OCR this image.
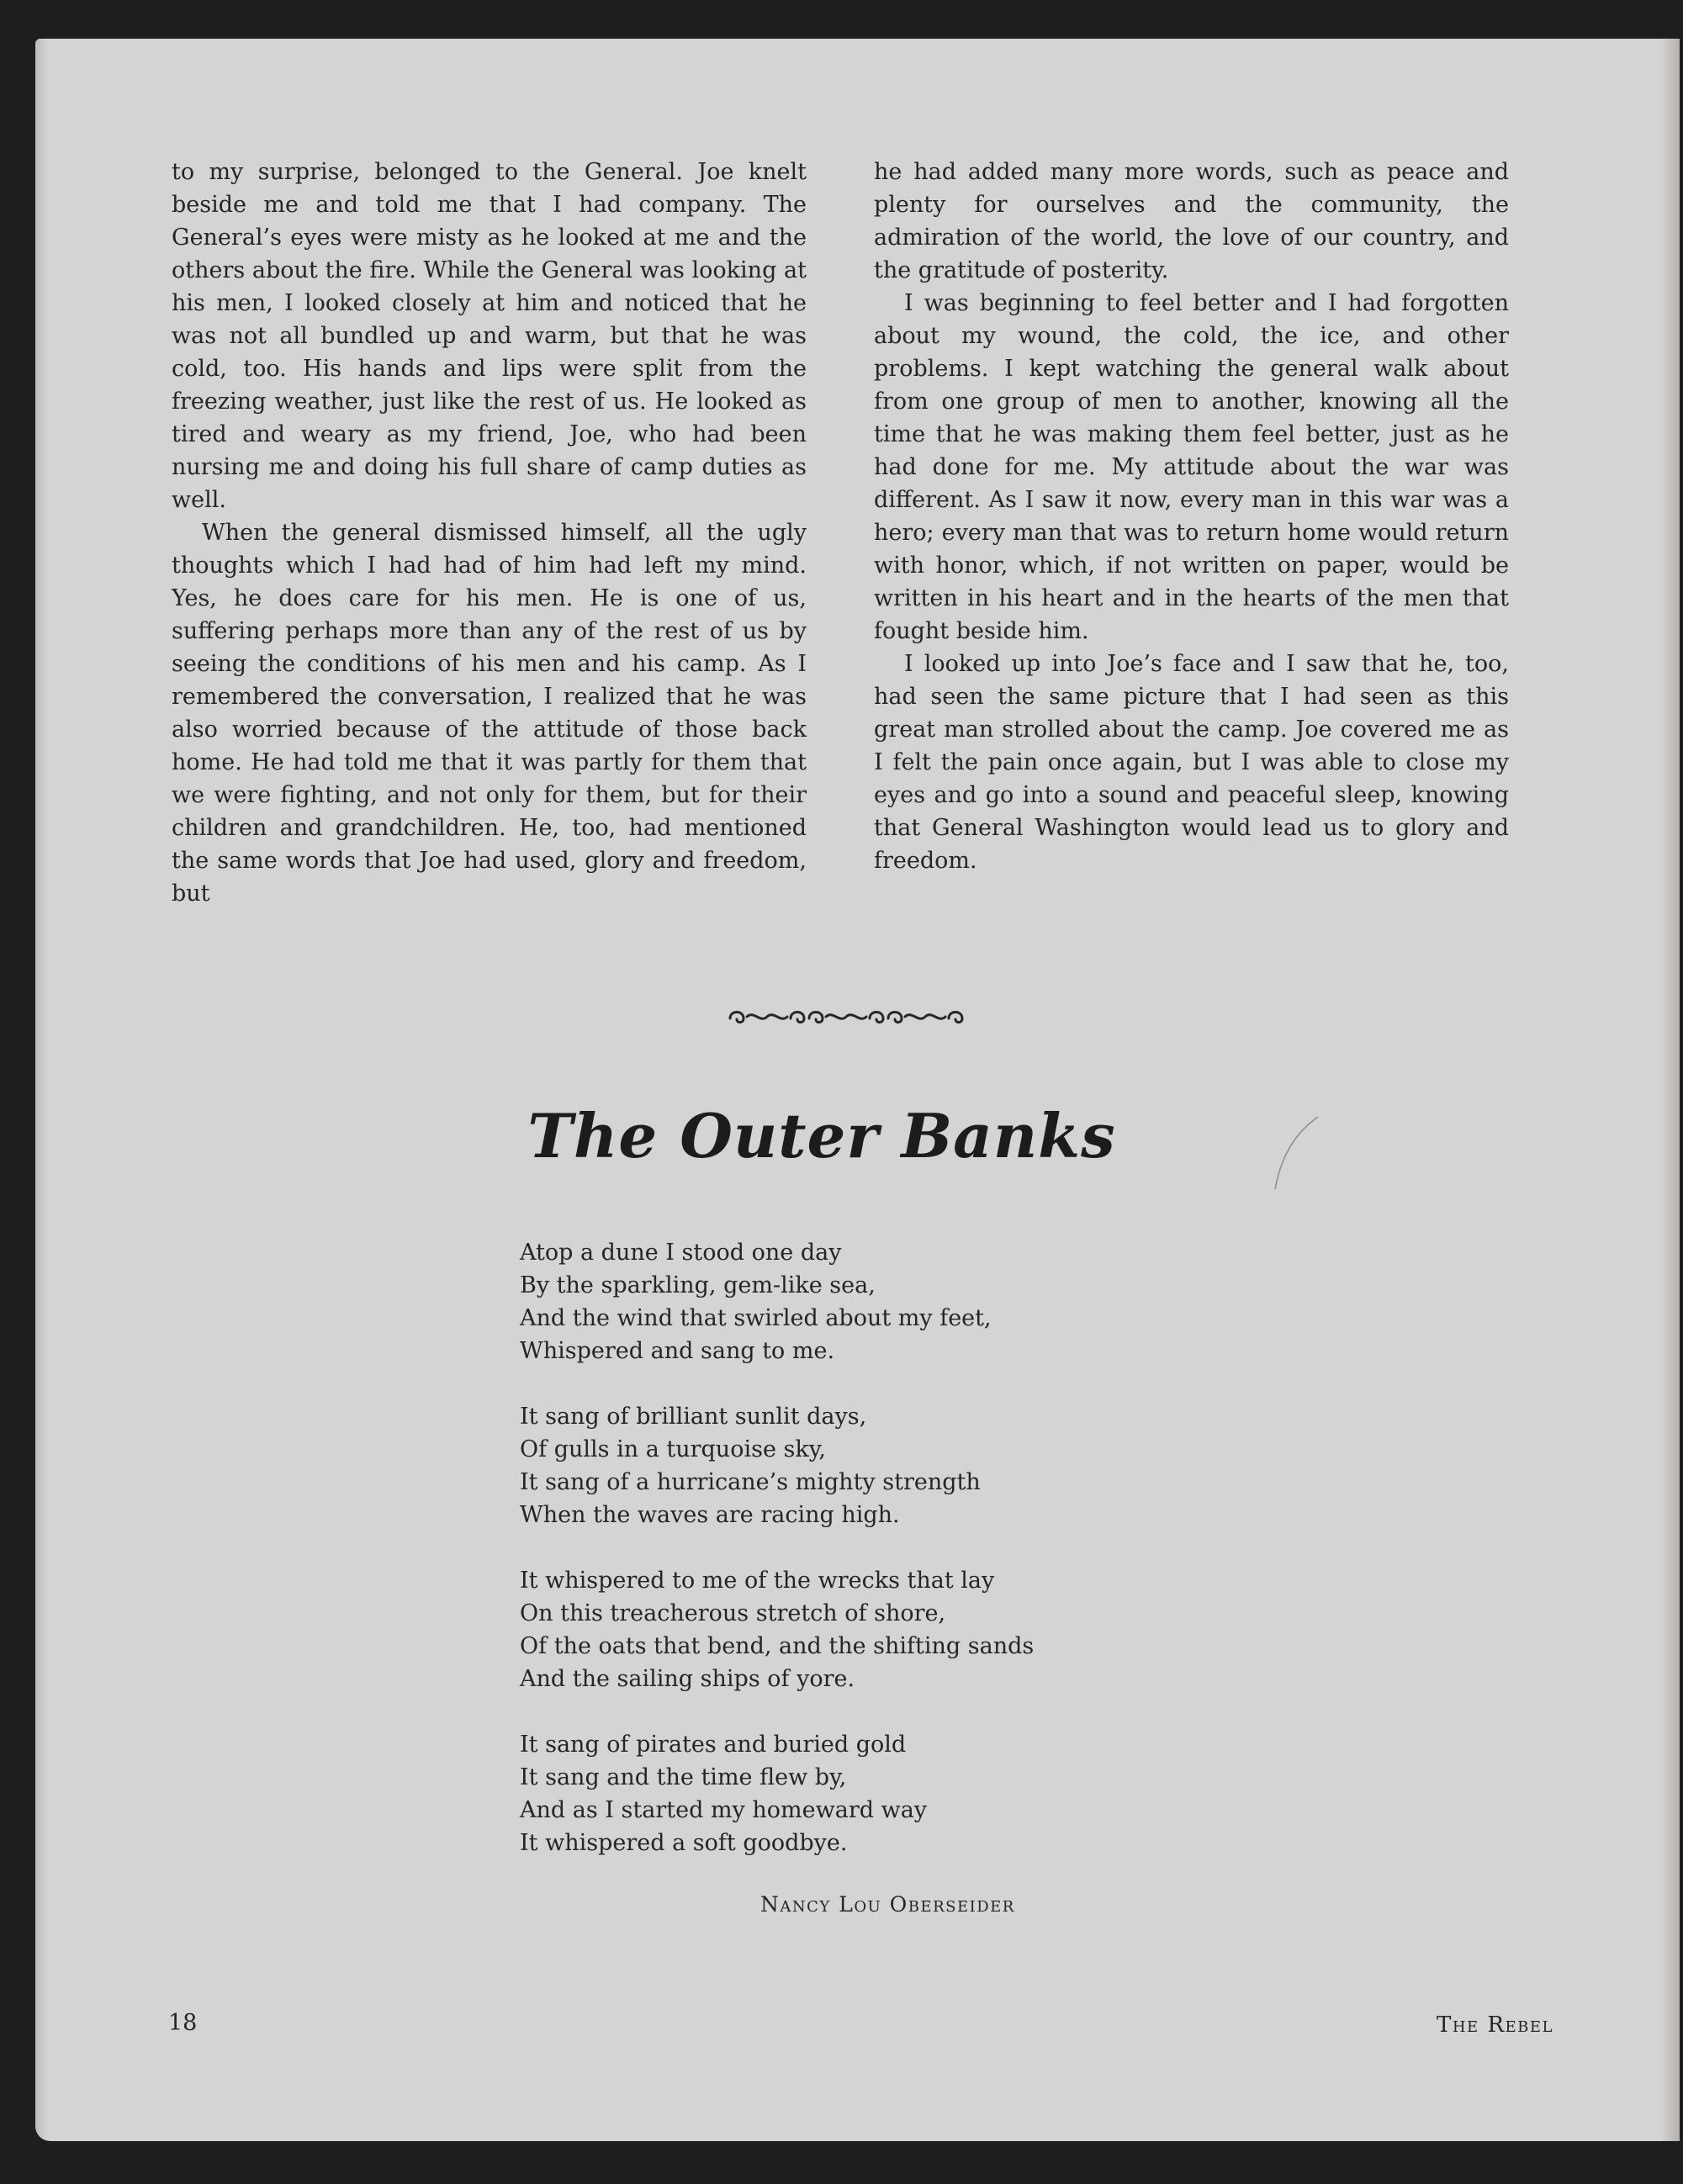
to my surprise, belonged to the General. Joe knelt beside me and told me that I had company. The General’s eyes were misty as he looked at me and the others about the fire. While the General was looking at his men, I looked closely at him and noticed that he was not all bundled up and warm, but that he was cold, too. His hands and lips were split from the freezing weather, just like the rest of us. He looked as tired and weary as my friend, Joe, who had been nursing me and doing his full share of camp duties as well.

When the general dismissed himself, all the ugly thoughts which I had had of him had left my mind. Yes, he does care for his men. He is one of us, suffering perhaps more than any of the rest of us by seeing the conditions of his men and his camp. As I remembered the conversation, I realized that he was also worried because of the attitude of those back home. He had told me that it was partly for them that we were fighting, and not only for them, but for their children and grandchildren. He, too, had mentioned the same words that Joe had used, glory and freedom, but

he had added many more words, such as peace and plenty for ourselves and the community, the admiration of the world, the love of our country, and the gratitude of posterity.

I was beginning to feel better and I had forgotten about my wound, the cold, the ice, and other problems. I kept watching the general walk about from one group of men to another, knowing all the time that he was making them feel better, just as he had done for me. My attitude about the war was different. As I saw it now, every man in this war was a hero; every man that was to return home would return with honor, which, if not written on paper, would be written in his heart and in the hearts of the men that fought beside him.

I looked up into Joe’s face and I saw that he, too, had seen the same picture that I had seen as this great man strolled about the camp. Joe covered me as I felt the pain once again, but I was able to close my eyes and go into a sound and peaceful sleep, knowing that General Washington would lead us to glory and freedom.

The Outer Banks
Atop a dune I stood one day
By the sparkling, gem-like sea,
And the wind that swirled about my feet,
Whispered and sang to me.
It sang of brilliant sunlit days,
Of gulls in a turquoise sky,
It sang of a hurricane’s mighty strength
When the waves are racing high.
It whispered to me of the wrecks that lay
On this treacherous stretch of shore,
Of the oats that bend, and the shifting sands
And the sailing ships of yore.
It sang of pirates and buried gold
It sang and the time flew by,
And as I started my homeward way
It whispered a soft goodbye.
Nancy Lou Oberseider
18	The Rebel
